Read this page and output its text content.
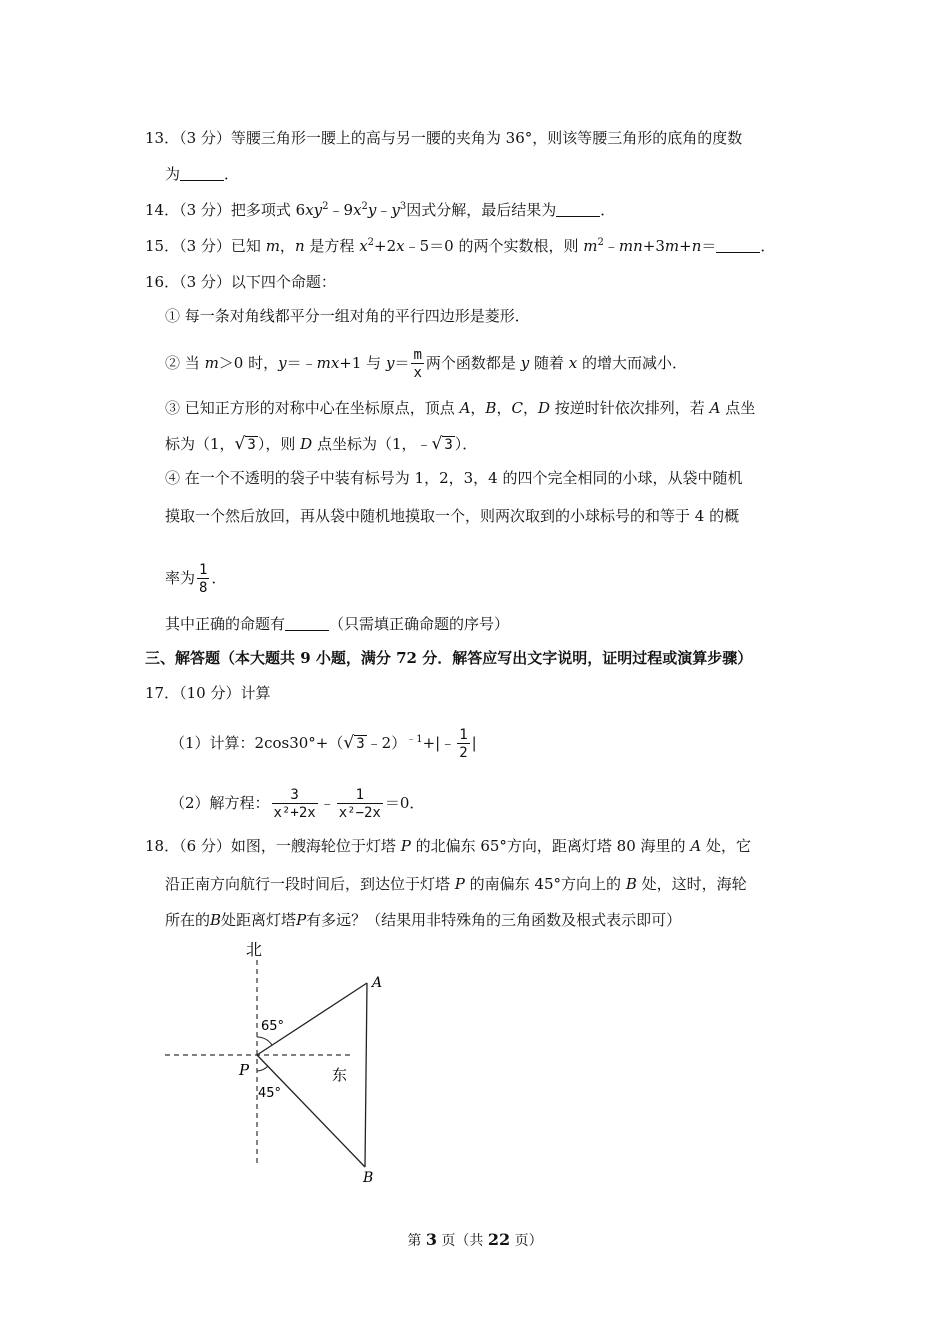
13．（3 分）等腰三角形一腰上的高与另一腰的夹角为 36°，则该等腰三角形的底角的度数
为	．
14．（3 分）把多项式 $6xy^2﹣9x^2y﹣y^3$因式分解，最后结果为	．
15．（3 分）已知 m，n 是方程 $x^2+2x﹣5=0$ 的两个实数根，则 $m^2﹣mn+3m+n=$	．
16．（3 分）以下四个命题：
① 每一条对角线都平分一组对角的平行四边形是菱形．
② 当 m＞0 时，y＝﹣mx+1 与 $y= \frac{m}{x}$ 两个函数都是 y 随着 x 的增大而减小．
③ 已知正方形的对称中心在坐标原点，顶点 A，B，C，D 按逆时针依次排列，若 A 点坐
标为（1，√ 3 ），则 D 点坐标为（1，﹣√ 3 ）．
④ 在一个不透明的袋子中装有标号为 1，2，3，4 的四个完全相同的小球，从袋中随机
摸取一个然后放回，再从袋中随机地摸取一个，则两次取到的小球标号的和等于 4 的概
率为 $\frac{1}{8}$ ．
其中正确的命题有	（只需填正确命题的序号）
三、解答题（本大题共 9 小题，满分 72 分．解答应写出文字说明，证明过程或演算步骤）
17．（10 分）计算
（1）计算：2cos30°+（√ 3 ﹣2）$^{﹣1}$+|﹣ $\frac{1}{2}$ |
（2）解方程： $\frac{3}{\text{x²+2x}}$ ﹣ $\frac{1}{\text{x²−2x}} =0$．
18．（6 分）如图，一艘海轮位于灯塔 P 的北偏东 65°方向，距离灯塔 80 海里的 A 处，它
沿正南方向航行一段时间后，到达位于灯塔 P 的南偏东 45°方向上的 B 处，这时，海轮
所在的B处距离灯塔P有多远？（结果用非特殊角的三角函数及根式表示即可）
北
东
P
A
B
65°
45°
第 3 页（共 22 页）
